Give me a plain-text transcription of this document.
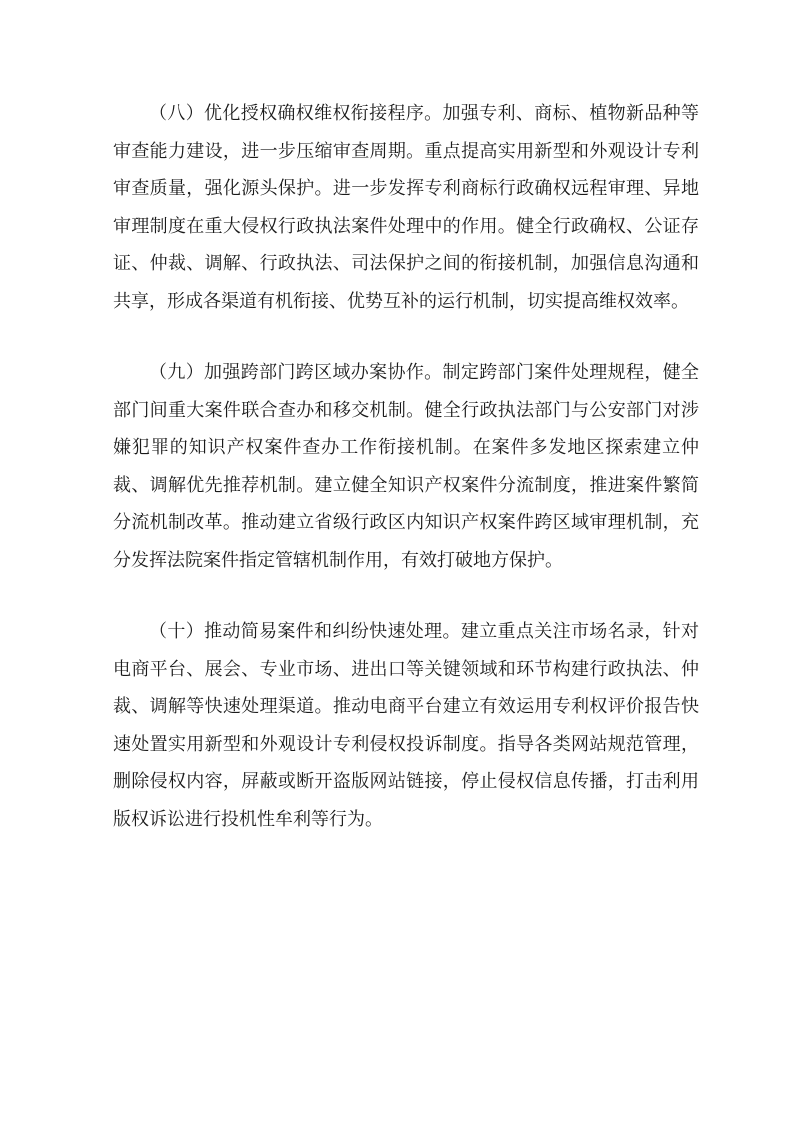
（八）优化授权确权维权衔接程序。加强专利、商标、植物新品种等审查能力建设，进一步压缩审查周期。重点提高实用新型和外观设计专利审查质量，强化源头保护。进一步发挥专利商标行政确权远程审理、异地审理制度在重大侵权行政执法案件处理中的作用。健全行政确权、公证存证、仲裁、调解、行政执法、司法保护之间的衔接机制，加强信息沟通和共享，形成各渠道有机衔接、优势互补的运行机制，切实提高维权效率。

（九）加强跨部门跨区域办案协作。制定跨部门案件处理规程，健全部门间重大案件联合查办和移交机制。健全行政执法部门与公安部门对涉嫌犯罪的知识产权案件查办工作衔接机制。在案件多发地区探索建立仲裁、调解优先推荐机制。建立健全知识产权案件分流制度，推进案件繁简分流机制改革。推动建立省级行政区内知识产权案件跨区域审理机制，充分发挥法院案件指定管辖机制作用，有效打破地方保护。

（十）推动简易案件和纠纷快速处理。建立重点关注市场名录，针对电商平台、展会、专业市场、进出口等关键领域和环节构建行政执法、仲裁、调解等快速处理渠道。推动电商平台建立有效运用专利权评价报告快速处置实用新型和外观设计专利侵权投诉制度。指导各类网站规范管理，删除侵权内容，屏蔽或断开盗版网站链接，停止侵权信息传播，打击利用版权诉讼进行投机性牟利等行为。
